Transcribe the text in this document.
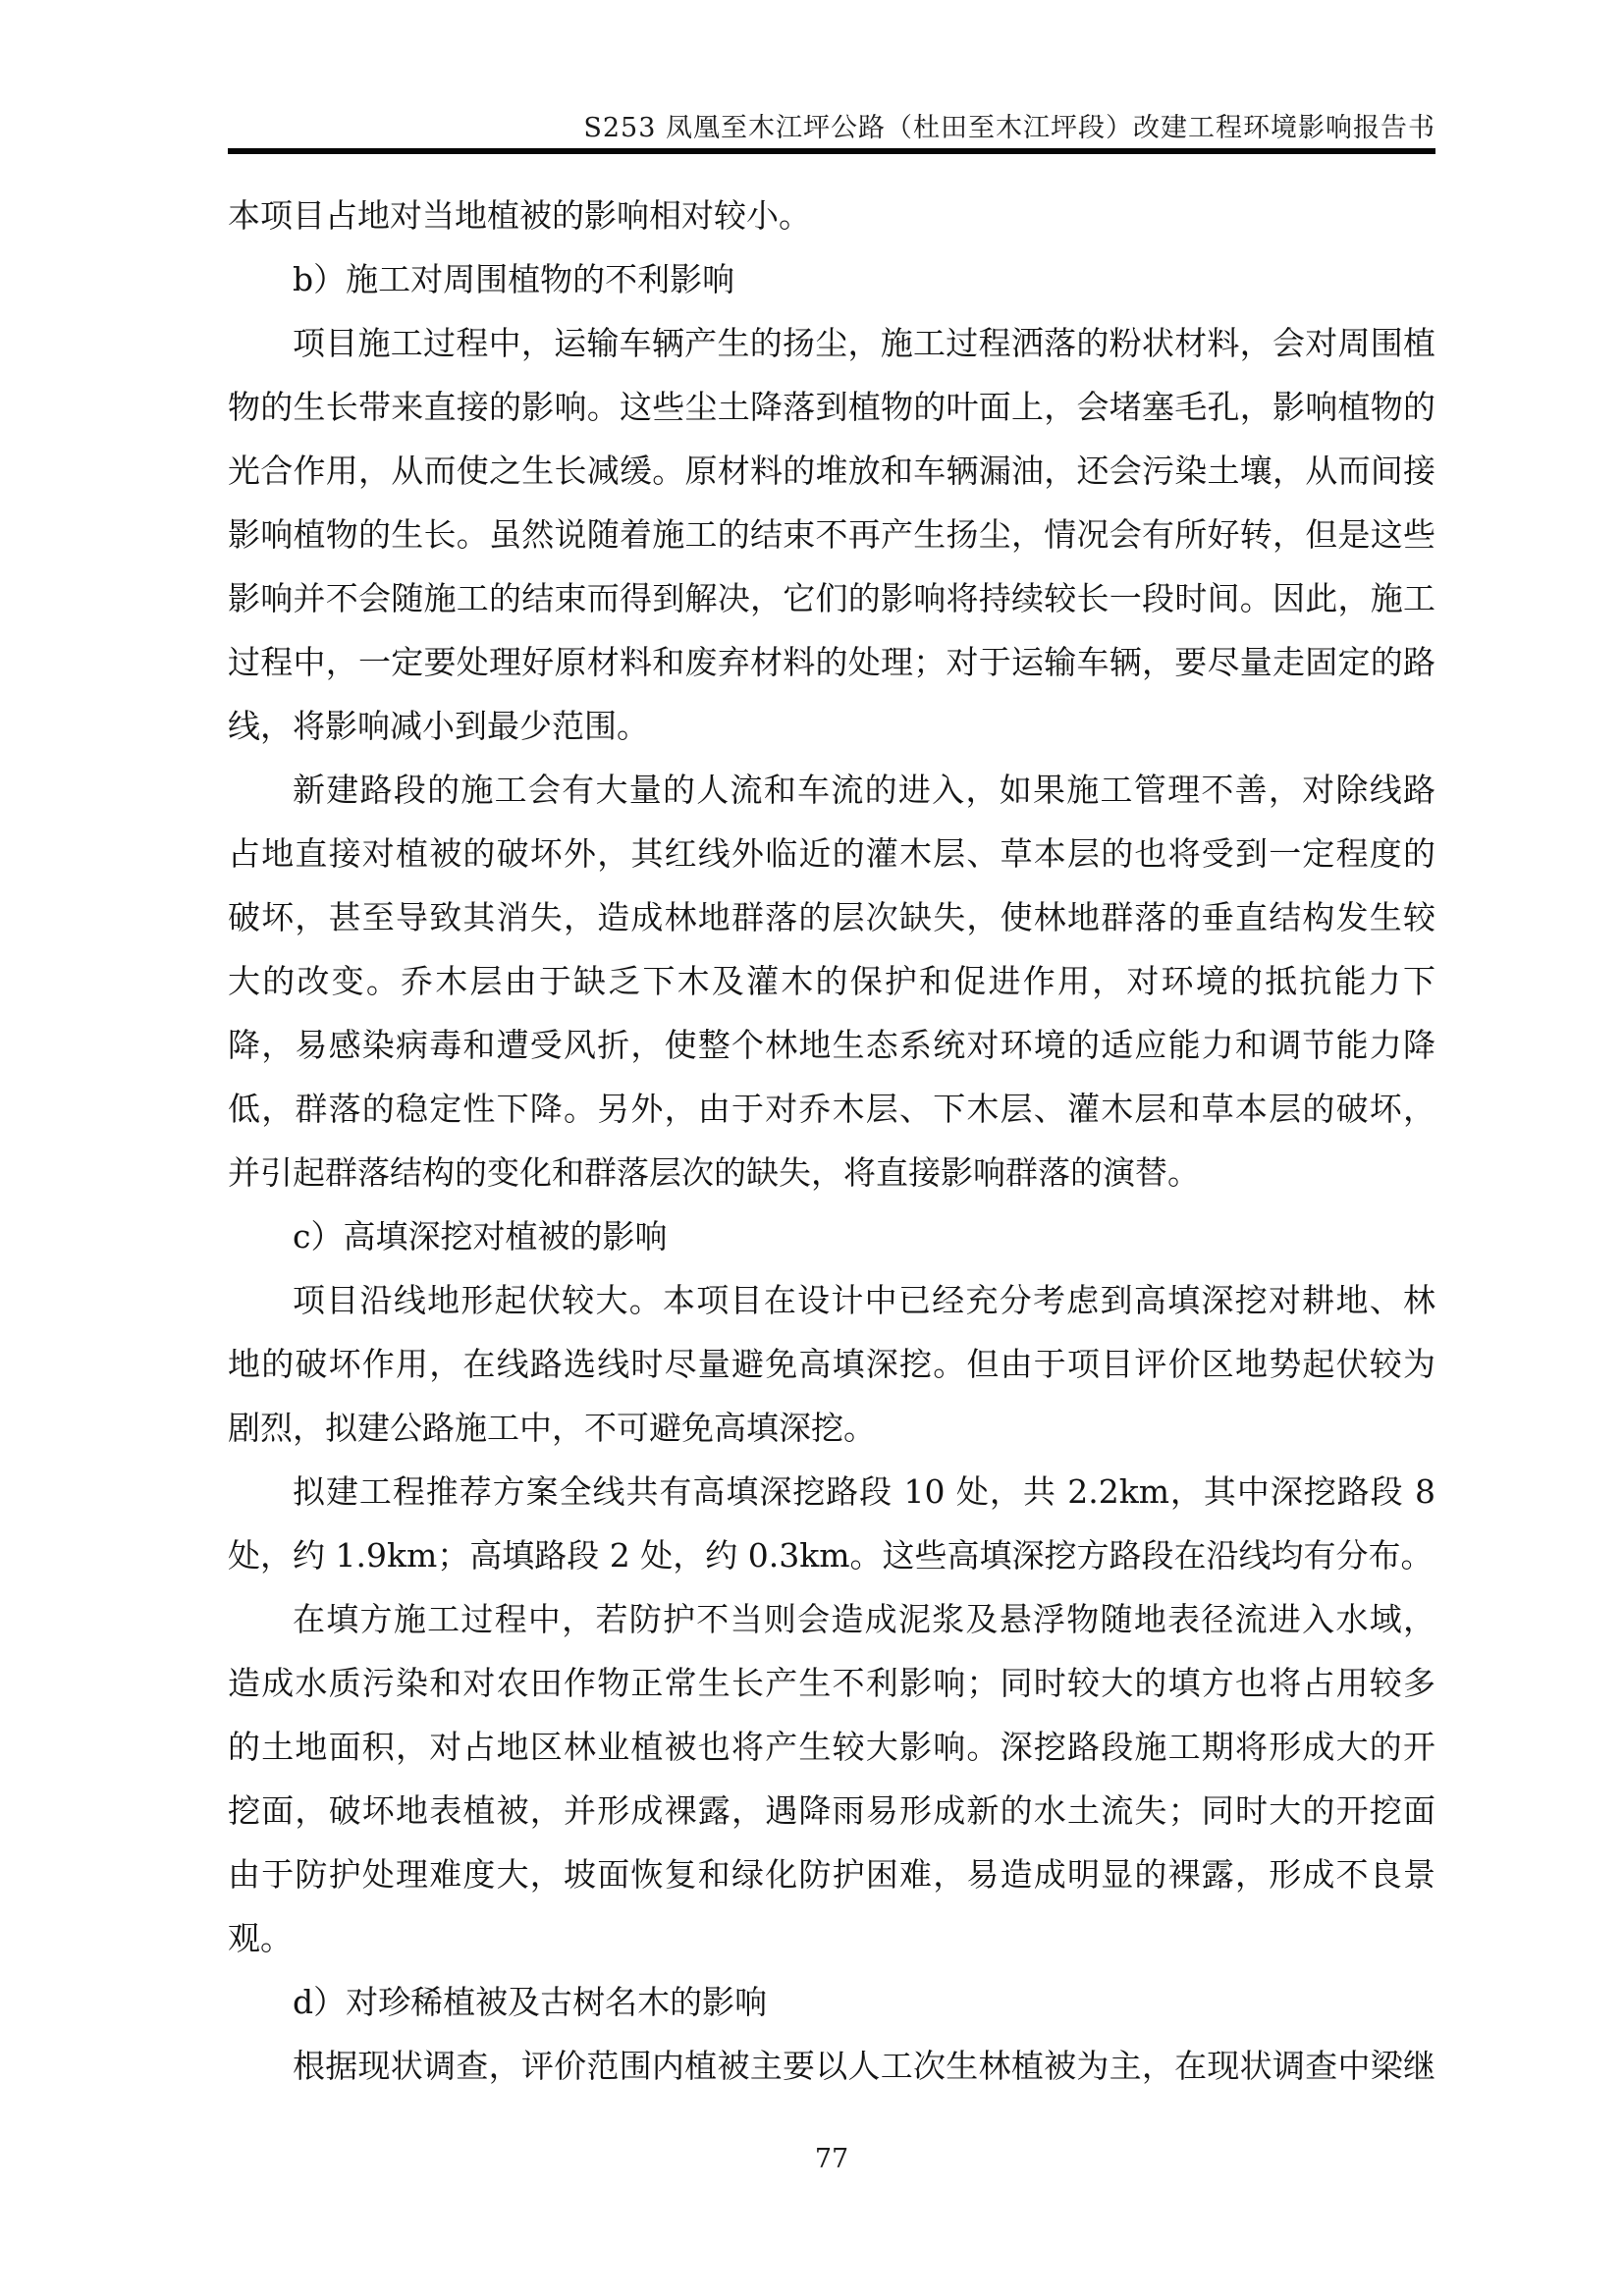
S253 凤凰至木江坪公路（杜田至木江坪段）改建工程环境影响报告书
本项目占地对当地植被的影响相对较小。
b）施工对周围植物的不利影响
项目施工过程中，运输车辆产生的扬尘，施工过程洒落的粉状材料，会对周围植
物的生长带来直接的影响。这些尘土降落到植物的叶面上，会堵塞毛孔，影响植物的
光合作用，从而使之生长减缓。原材料的堆放和车辆漏油，还会污染土壤，从而间接
影响植物的生长。虽然说随着施工的结束不再产生扬尘，情况会有所好转，但是这些
影响并不会随施工的结束而得到解决，它们的影响将持续较长一段时间。因此，施工
过程中，一定要处理好原材料和废弃材料的处理；对于运输车辆，要尽量走固定的路
线，将影响减小到最少范围。
新建路段的施工会有大量的人流和车流的进入，如果施工管理不善，对除线路
占地直接对植被的破坏外，其红线外临近的灌木层、草本层的也将受到一定程度的
破坏，甚至导致其消失，造成林地群落的层次缺失，使林地群落的垂直结构发生较
大的改变。乔木层由于缺乏下木及灌木的保护和促进作用，对环境的抵抗能力下
降，易感染病毒和遭受风折，使整个林地生态系统对环境的适应能力和调节能力降
低，群落的稳定性下降。另外，由于对乔木层、下木层、灌木层和草本层的破坏，
并引起群落结构的变化和群落层次的缺失，将直接影响群落的演替。
c）高填深挖对植被的影响
项目沿线地形起伏较大。本项目在设计中已经充分考虑到高填深挖对耕地、林
地的破坏作用，在线路选线时尽量避免高填深挖。但由于项目评价区地势起伏较为
剧烈，拟建公路施工中，不可避免高填深挖。
拟建工程推荐方案全线共有高填深挖路段 10 处，共 2.2km，其中深挖路段 8
处，约 1.9km；高填路段 2 处，约 0.3km。这些高填深挖方路段在沿线均有分布。
在填方施工过程中，若防护不当则会造成泥浆及悬浮物随地表径流进入水域，
造成水质污染和对农田作物正常生长产生不利影响；同时较大的填方也将占用较多
的土地面积，对占地区林业植被也将产生较大影响。深挖路段施工期将形成大的开
挖面，破坏地表植被，并形成裸露，遇降雨易形成新的水土流失；同时大的开挖面
由于防护处理难度大，坡面恢复和绿化防护困难，易造成明显的裸露，形成不良景
观。
d）对珍稀植被及古树名木的影响
根据现状调查，评价范围内植被主要以人工次生林植被为主，在现状调查中梁继
77
